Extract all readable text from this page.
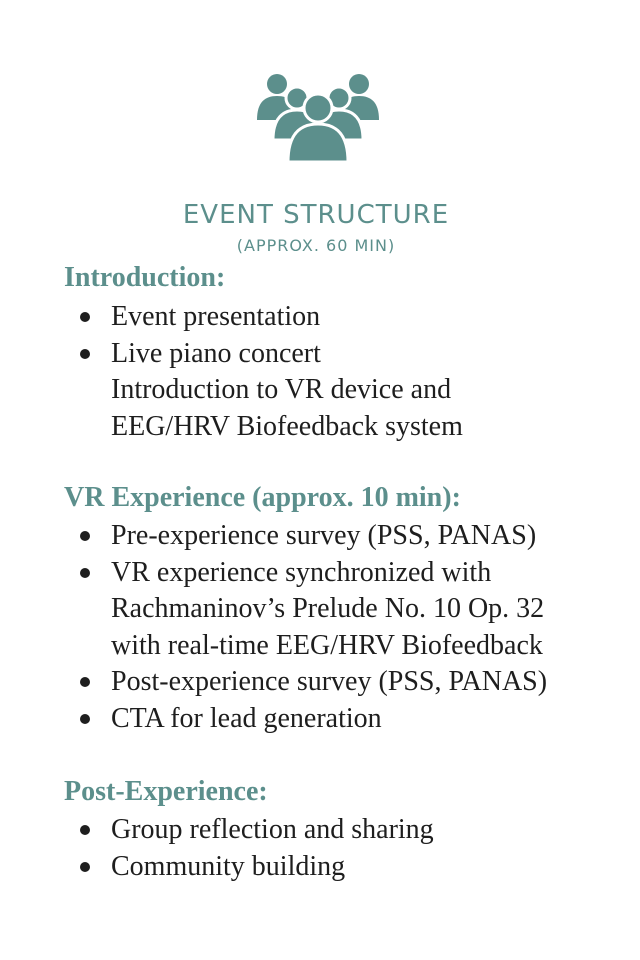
EVENT STRUCTURE
(APPROX. 60 MIN)
Introduction:
Event presentation
Live piano concert
Introduction to VR device and
EEG/HRV Biofeedback system
VR Experience (approx. 10 min):
Pre-experience survey (PSS, PANAS)
VR experience synchronized with
Rachmaninov’s Prelude No. 10 Op. 32
with real-time EEG/HRV Biofeedback
Post-experience survey (PSS, PANAS)
CTA for lead generation
Post-Experience:
Group reflection and sharing
Community building
